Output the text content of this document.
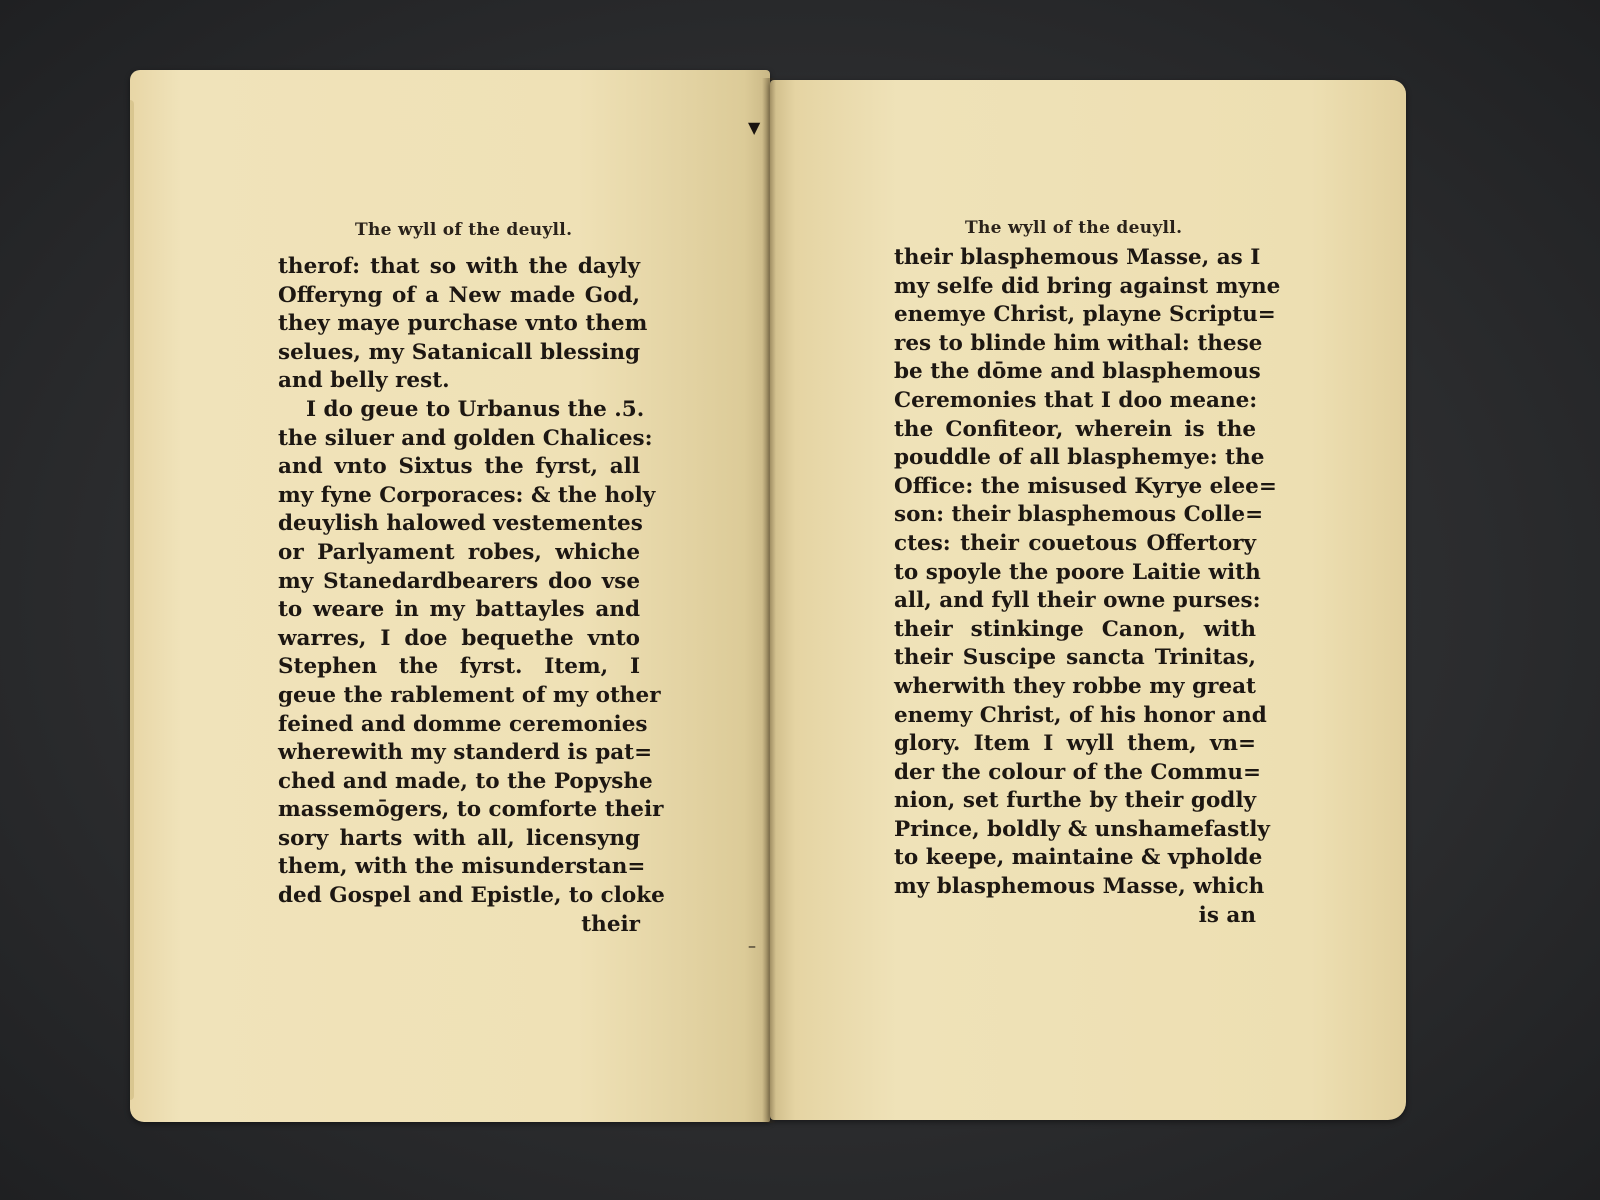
The wyll of the deuyll.
therof: that so with the dayly
Offeryng of a New made God,
they maye purchase vnto them
selues, my Satanicall blessing
and belly rest.
I do geue to Urbanus the .5.
the siluer and golden Chalices:
and vnto Sixtus the fyrst, all
my fyne Corporaces: & the holy
deuylish halowed vestementes
or Parlyament robes, whiche
my Stanedardbearers doo vse
to weare in my battayles and
warres, I doe bequethe vnto
Stephen the fyrst. Item, I
geue the rablement of my other
feined and domme ceremonies
wherewith my standerd is pat=
ched and made, to the Popyshe
massemōgers, to comforte their
sory harts with all, licensyng
them, with the misunderstan=
ded Gospel and Epistle, to cloke
their
The wyll of the deuyll.
their blasphemous Masse, as I
my selfe did bring against myne
enemye Christ, playne Scriptu=
res to blinde him withal: these
be the dōme and blasphemous
Ceremonies that I doo meane:
the Confiteor, wherein is the
pouddle of all blasphemye: the
Office: the misused Kyrye elee=
son: their blasphemous Colle=
ctes: their couetous Offertory
to spoyle the poore Laitie with
all, and fyll their owne purses:
their stinkinge Canon, with
their Suscipe sancta Trinitas,
wherwith they robbe my great
enemy Christ, of his honor and
glory. Item I wyll them, vn=
der the colour of the Commu=
nion, set furthe by their godly
Prince, boldly & unshamefastly
to keepe, maintaine & vpholde
my blasphemous Masse, which
is an
▼
–
